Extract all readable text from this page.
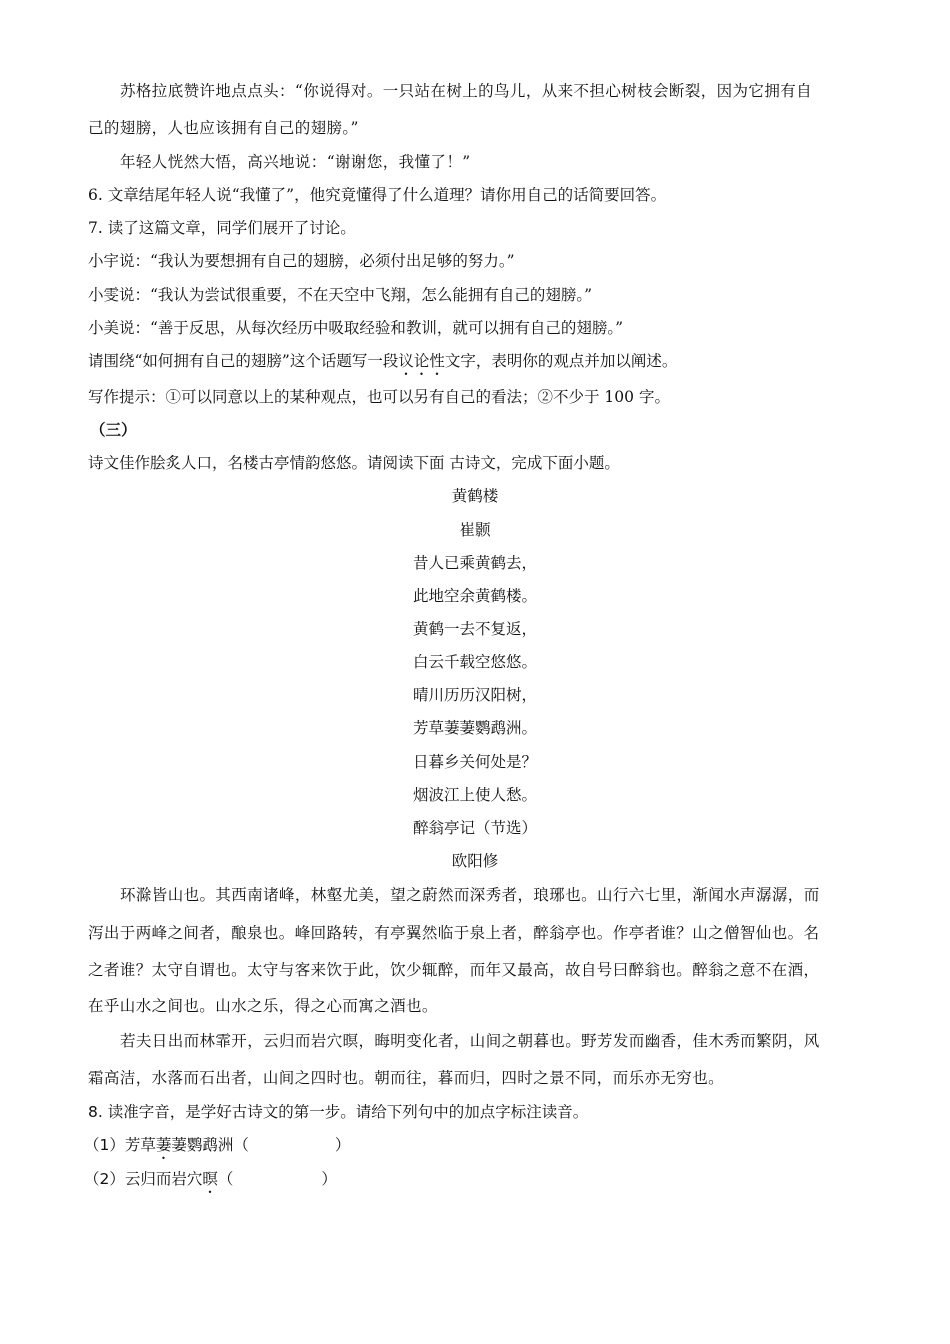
苏格拉底赞许地点点头：“你说得对。一只站在树上的鸟儿，从来不担心树枝会断裂，因为它拥有自
己的翅膀，人也应该拥有自己的翅膀。”
年轻人恍然大悟，高兴地说：“谢谢您，我懂了！”
6. 文章结尾年轻人说“我懂了”，他究竟懂得了什么道理？请你用自己的话简要回答。
7. 读了这篇文章，同学们展开了讨论。
小宇说：“我认为要想拥有自己的翅膀，必须付出足够的努力。”
小雯说：“我认为尝试很重要，不在天空中飞翔，怎么能拥有自己的翅膀。”
小美说：“善于反思，从每次经历中吸取经验和教训，就可以拥有自己的翅膀。”
请围绕“如何拥有自己的翅膀”这个话题写一段议论性文字，表明你的观点并加以阐述。
写作提示：①可以同意以上的某种观点，也可以另有自己的看法；②不少于 100 字。
（三）
诗文佳作脍炙人口，名楼古亭情韵悠悠。请阅读下面 古诗文，完成下面小题。
黄鹤楼
崔颢
昔人已乘黄鹤去，
此地空余黄鹤楼。
黄鹤一去不复返，
白云千载空悠悠。
晴川历历汉阳树，
芳草萋萋鹦鹉洲。
日暮乡关何处是？
烟波江上使人愁。
醉翁亭记（节选）
欧阳修
环滁皆山也。其西南诸峰，林壑尤美，望之蔚然而深秀者，琅琊也。山行六七里，渐闻水声潺潺，而
泻出于两峰之间者，酿泉也。峰回路转，有亭翼然临于泉上者，醉翁亭也。作亭者谁？山之僧智仙也。名
之者谁？太守自谓也。太守与客来饮于此，饮少辄醉，而年又最高，故自号曰醉翁也。醉翁之意不在酒，
在乎山水之间也。山水之乐，得之心而寓之酒也。
若夫日出而林霏开，云归而岩穴暝，晦明变化者，山间之朝暮也。野芳发而幽香，佳木秀而繁阴，风
霜高洁，水落而石出者，山间之四时也。朝而往，暮而归，四时之景不同，而乐亦无穷也。
8. 读准字音，是学好古诗文的第一步。请给下列句中的加点字标注读音。
（1）芳草萋萋鹦鹉洲（	）
（2）云归而岩穴暝（	）
